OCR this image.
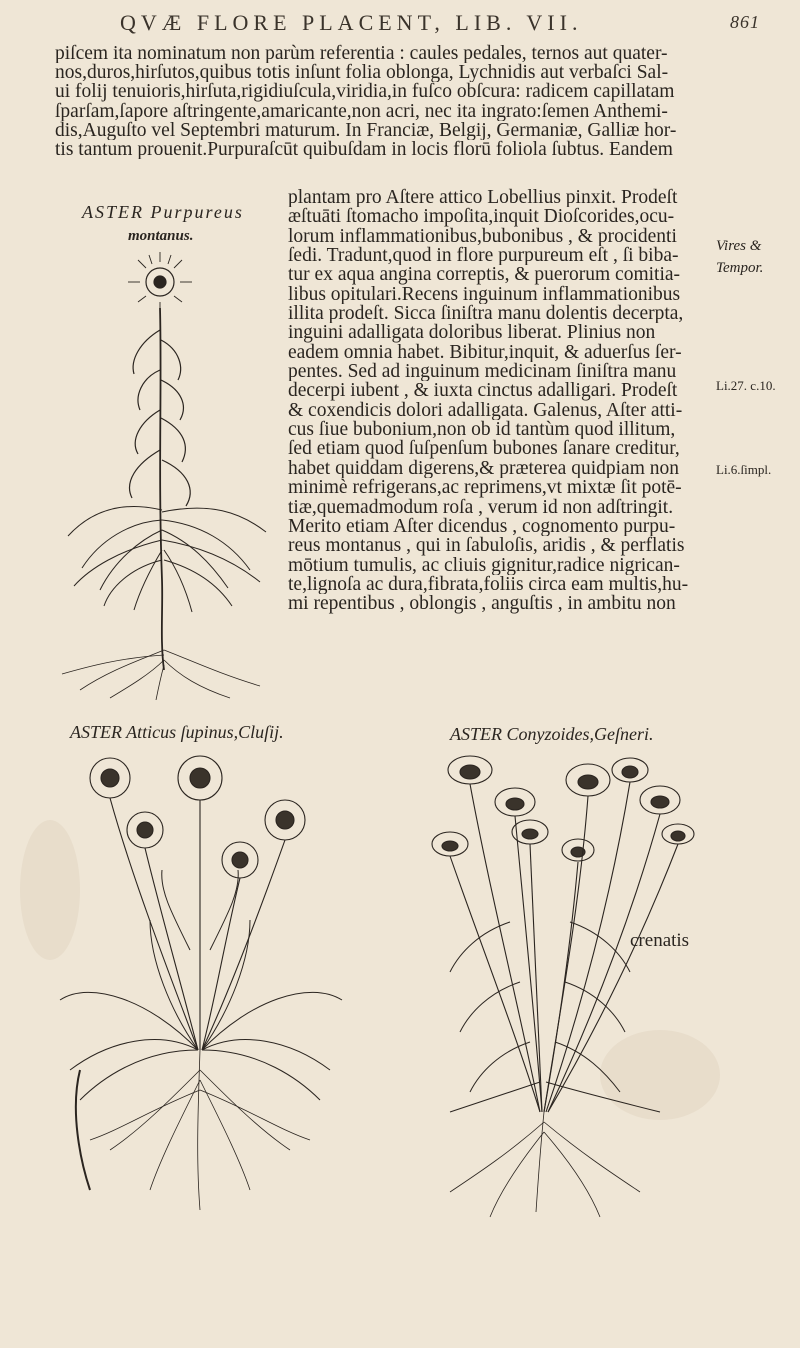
QVÆ FLORE PLACENT, LIB. VII.	861
piſcem ita nominatum non parùm referentia : caules pedales, ternos aut quater-
nos,duros,hirſutos,quibus totis inſunt folia oblonga, Lychnidis aut verbaſci Sal-
ui folij tenuioris,hirſuta,rigidiuſcula,viridia,in fuſco obſcura: radicem capillatam
ſparſam,ſapore aſtringente,amaricante,non acri, nec ita ingrato:ſemen Anthemi-
dis,Auguſto vel Septembri maturum. In Franciæ, Belgij, Germaniæ, Galliæ hor-
tis tantum prouenit.Purpuraſcūt quibuſdam in locis florū foliola ſubtus. Eandem
ASTER Purpureus
montanus.
plantam pro Aſtere attico Lobellius pinxit. Prodeſt
æſtuāti ſtomacho impoſita,inquit Dioſcorides,ocu-
lorum inflammationibus,bubonibus , & procidenti
ſedi. Tradunt,quod in flore purpureum eſt , ſi biba-
tur ex aqua angina correptis, & puerorum comitia-
libus opitulari.Recens inguinum inflammationibus
illita prodeſt. Sicca ſiniſtra manu dolentis decerpta,
inguini adalligata doloribus liberat. Plinius non
eadem omnia habet. Bibitur,inquit, & aduerſus ſer-
pentes. Sed ad inguinum medicinam ſiniſtra manu
decerpi iubent , & iuxta cinctus adalligari. Prodeſt
& coxendicis dolori adalligata. Galenus, Aſter atti-
cus ſiue bubonium,non ob id tantùm quod illitum,
ſed etiam quod ſuſpenſum bubones ſanare creditur,
habet quiddam digerens,& præterea quidpiam non
minimè refrigerans,ac reprimens,vt mixtæ ſit potē-
tiæ,quemadmodum roſa , verum id non adſtringit.
Merito etiam Aſter dicendus , cognomento purpu-
reus montanus , qui in ſabuloſis, aridis , & perflatis
mōtium tumulis, ac cliuis gignitur,radice nigrican-
te,lignoſa ac dura,fibrata,foliis circa eam multis,hu-
mi repentibus , oblongis , anguſtis , in ambitu non
Vires &
Tempor.
Li.27. c.10.
Li.6.ſimpl.
ASTER Atticus ſupinus,Cluſij.	ASTER Conyzoides,Geſneri.
crenatis
